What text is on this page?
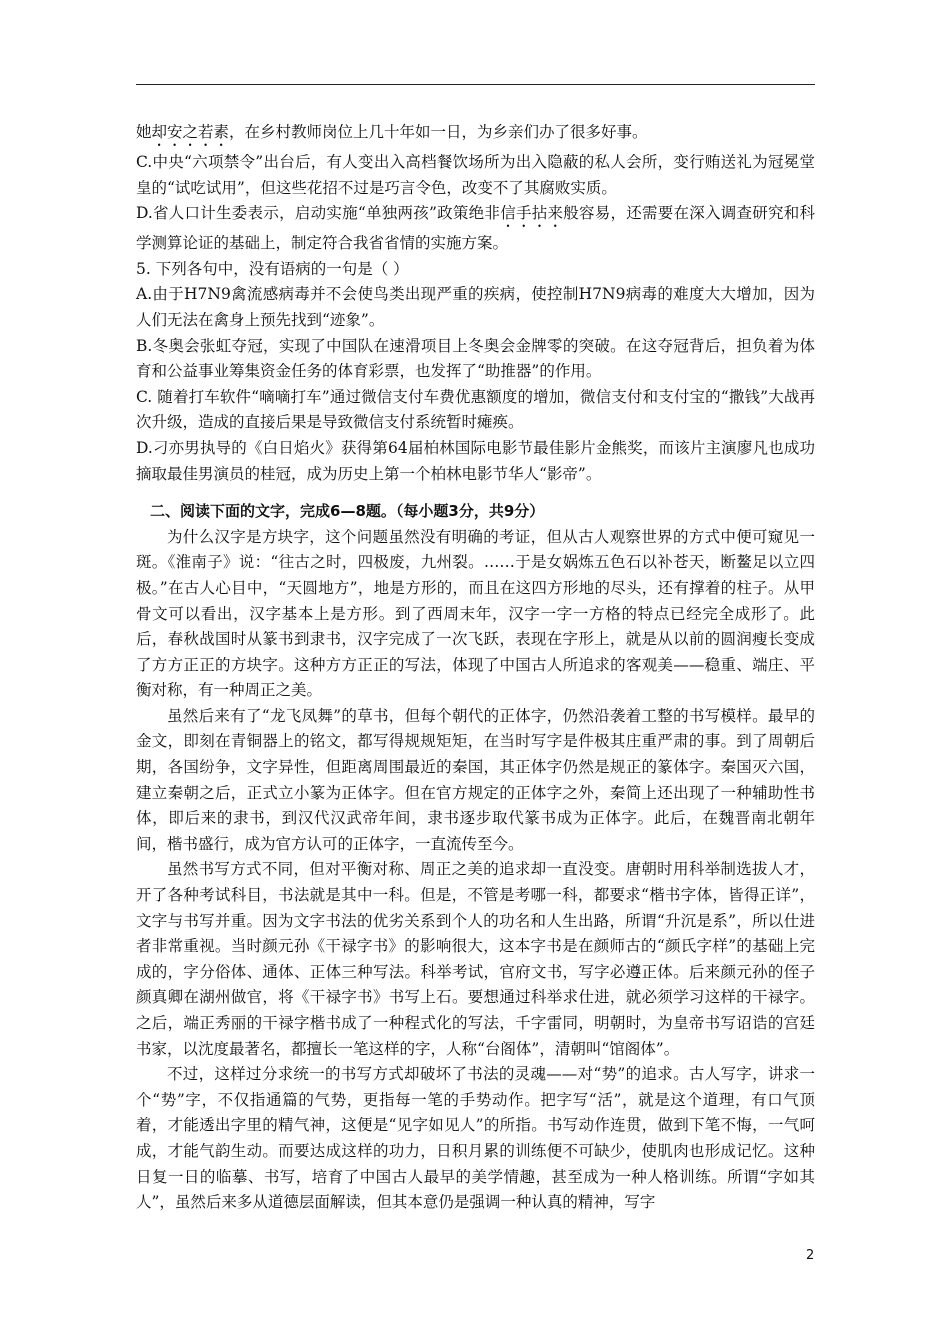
她却安之若素，在乡村教师岗位上几十年如一日，为乡亲们办了很多好事。

C.中央“六项禁令”出台后，有人变出入高档餐饮场所为出入隐蔽的私人会所，变行贿送礼为冠冕堂皇的“试吃试用”，但这些花招不过是巧言令色，改变不了其腐败实质。

D.省人口计生委表示，启动实施“单独两孩”政策绝非信手拈来般容易，还需要在深入调查研究和科学测算论证的基础上，制定符合我省省情的实施方案。

5. 下列各句中，没有语病的一句是（ ）

A.由于H7N9禽流感病毒并不会使鸟类出现严重的疾病，使控制H7N9病毒的难度大大增加，因为人们无法在禽身上预先找到“迹象”。

B.冬奥会张虹夺冠，实现了中国队在速滑项目上冬奥会金牌零的突破。在这夺冠背后，担负着为体育和公益事业筹集资金任务的体育彩票，也发挥了“助推器”的作用。

C. 随着打车软件“嘀嘀打车”通过微信支付车费优惠额度的增加，微信支付和支付宝的“撒钱”大战再次升级，造成的直接后果是导致微信支付系统暂时瘫痪。

D.刁亦男执导的《白日焰火》获得第64届柏林国际电影节最佳影片金熊奖，而该片主演廖凡也成功摘取最佳男演员的桂冠，成为历史上第一个柏林电影节华人“影帝”。

二、阅读下面的文字，完成6—8题。（每小题3分，共9分）

为什么汉字是方块字，这个问题虽然没有明确的考证，但从古人观察世界的方式中便可窥见一斑。《淮南子》说：“往古之时，四极废，九州裂。……于是女娲炼五色石以补苍天，断鳌足以立四极。”在古人心目中，“天圆地方”，地是方形的，而且在这四方形地的尽头，还有撑着的柱子。从甲骨文可以看出，汉字基本上是方形。到了西周末年，汉字一字一方格的特点已经完全成形了。此后，春秋战国时从篆书到隶书，汉字完成了一次飞跃，表现在字形上，就是从以前的圆润瘦长变成了方方正正的方块字。这种方方正正的写法，体现了中国古人所追求的客观美——稳重、端庄、平衡对称，有一种周正之美。

虽然后来有了“龙飞凤舞”的草书，但每个朝代的正体字，仍然沿袭着工整的书写模样。最早的金文，即刻在青铜器上的铭文，都写得规规矩矩，在当时写字是件极其庄重严肃的事。到了周朝后期，各国纷争，文字异性，但距离周围最近的秦国，其正体字仍然是规正的篆体字。秦国灭六国，建立秦朝之后，正式立小篆为正体字。但在官方规定的正体字之外，秦简上还出现了一种辅助性书体，即后来的隶书，到汉代汉武帝年间，隶书逐步取代篆书成为正体字。此后，在魏晋南北朝年间，楷书盛行，成为官方认可的正体字，一直流传至今。

虽然书写方式不同，但对平衡对称、周正之美的追求却一直没变。唐朝时用科举制选拔人才，开了各种考试科目，书法就是其中一科。但是，不管是考哪一科，都要求“楷书字体，皆得正详”，文字与书写并重。因为文字书法的优劣关系到个人的功名和人生出路，所谓“升沉是系”，所以仕进者非常重视。当时颜元孙《干禄字书》的影响很大，这本字书是在颜师古的“颜氏字样”的基础上完成的，字分俗体、通体、正体三种写法。科举考试，官府文书，写字必遵正体。后来颜元孙的侄子颜真卿在湖州做官，将《干禄字书》书写上石。要想通过科举求仕进，就必须学习这样的干禄字。之后，端正秀丽的干禄字楷书成了一种程式化的写法，千字雷同，明朝时，为皇帝书写诏诰的宫廷书家，以沈度最著名，都擅长一笔这样的字，人称“台阁体”，清朝叫“馆阁体”。

不过，这样过分求统一的书写方式却破坏了书法的灵魂——对“势”的追求。古人写字，讲求一个“势”字，不仅指通篇的气势，更指每一笔的手势动作。把字写“活”，就是这个道理，有口气顶着，才能透出字里的精气神，这便是“见字如见人”的所指。书写动作连贯，做到下笔不悔，一气呵成，才能气韵生动。而要达成这样的功力，日积月累的训练便不可缺少，使肌肉也形成记忆。这种日复一日的临摹、书写，培育了中国古人最早的美学情趣，甚至成为一种人格训练。所谓“字如其人”，虽然后来多从道德层面解读，但其本意仍是强调一种认真的精神，写字

2
